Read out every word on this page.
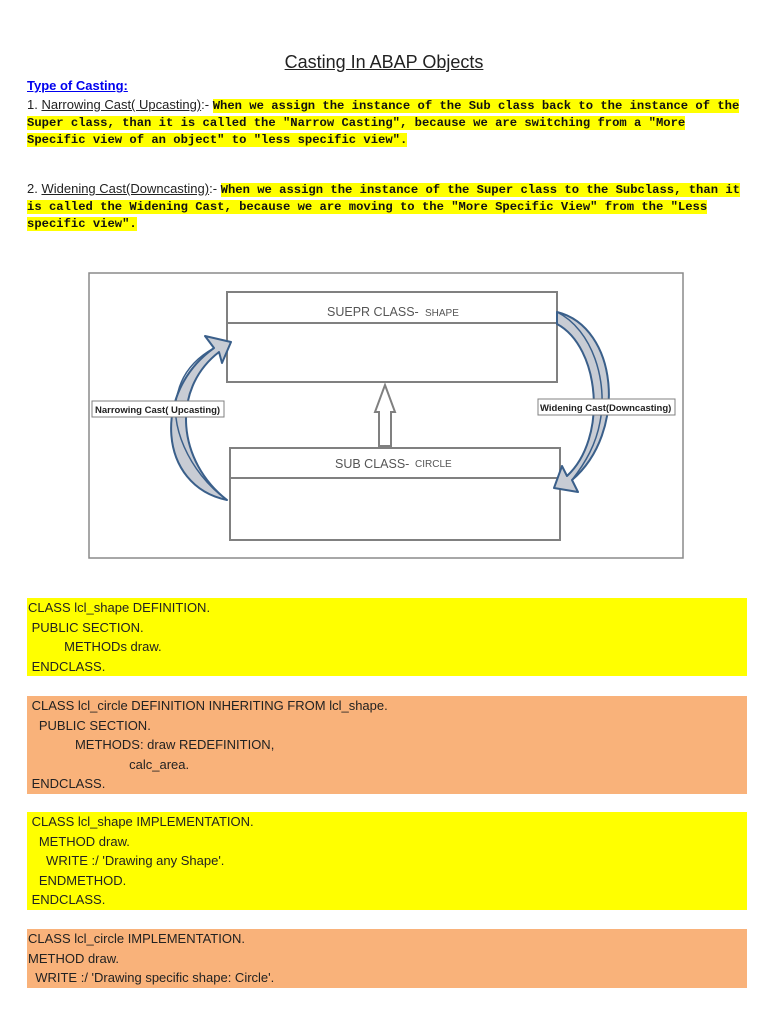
Casting In ABAP Objects
Type of Casting:
1. Narrowing Cast( Upcasting):- When we assign the instance of the Sub class back to the instance of the Super class, than it is called the "Narrow Casting", because we are switching from a "More Specific view of an object" to "less specific view".
2. Widening Cast(Downcasting):- When we assign the instance of the Super class to the Subclass, than it is called the Widening Cast, because we are moving to the "More Specific View" from the "Less specific view".
SUEPR CLASS- SHAPE
SUB CLASS- CIRCLE
Narrowing Cast( Upcasting)	Widening Cast(Downcasting)
CLASS lcl_shape DEFINITION.
PUBLIC SECTION.
METHODs draw.
ENDCLASS.
CLASS lcl_circle DEFINITION INHERITING FROM lcl_shape.
PUBLIC SECTION.
METHODS: draw REDEFINITION,
calc_area.
ENDCLASS.
CLASS lcl_shape IMPLEMENTATION.
METHOD draw.
WRITE :/ 'Drawing any Shape'.
ENDMETHOD.
ENDCLASS.
CLASS lcl_circle IMPLEMENTATION.
METHOD draw.
WRITE :/ 'Drawing specific shape: Circle'.
